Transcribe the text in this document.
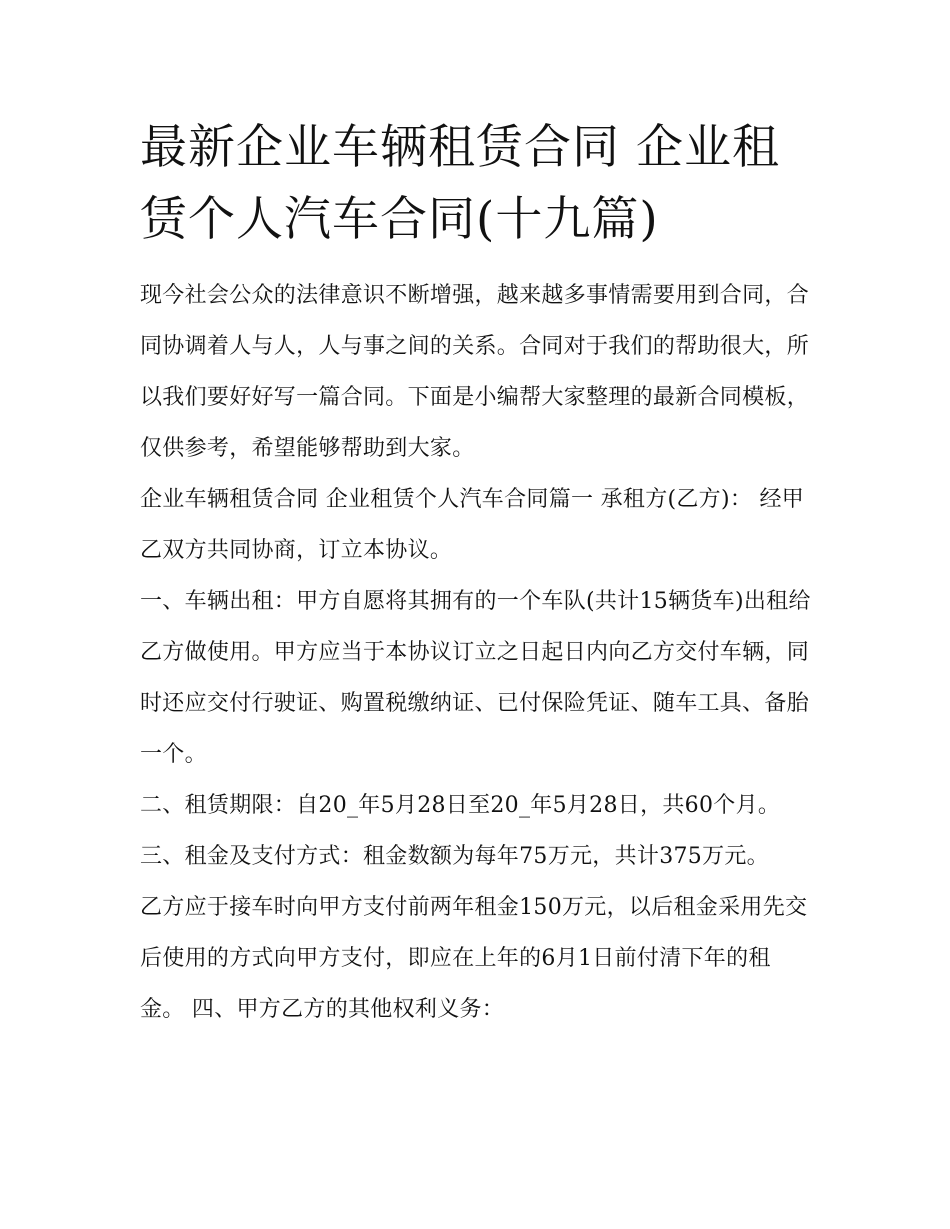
最新企业车辆租赁合同 企业租赁个人汽车合同(十九篇)

现今社会公众的法律意识不断增强，越来越多事情需要用到合同，合同协调着人与人，人与事之间的关系。合同对于我们的帮助很大，所以我们要好好写一篇合同。下面是小编帮大家整理的最新合同模板，仅供参考，希望能够帮助到大家。

企业车辆租赁合同 企业租赁个人汽车合同篇一 承租方(乙方)： 经甲乙双方共同协商，订立本协议。

一、车辆出租：甲方自愿将其拥有的一个车队(共计15辆货车)出租给乙方做使用。甲方应当于本协议订立之日起日内向乙方交付车辆，同时还应交付行驶证、购置税缴纳证、已付保险凭证、随车工具、备胎一个。

二、租赁期限：自20_年5月28日至20_年5月28日，共60个月。 三、租金及支付方式：租金数额为每年75万元，共计375万元。

乙方应于接车时向甲方支付前两年租金150万元，以后租金采用先交后使用的方式向甲方支付，即应在上年的6月1日前付清下年的租金。 四、甲方乙方的其他权利义务：
